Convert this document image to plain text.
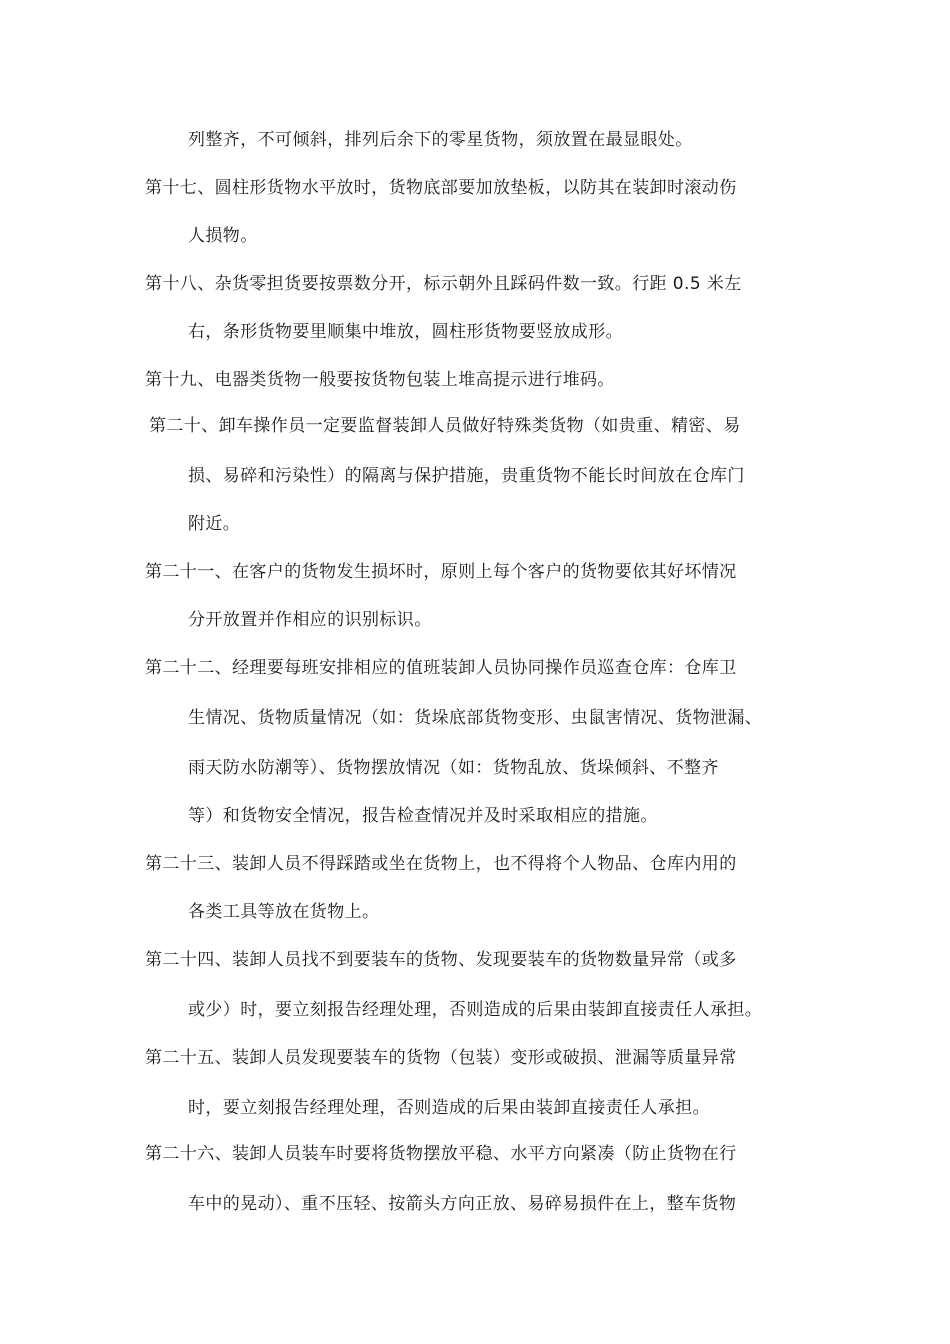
列整齐，不可倾斜，排列后余下的零星货物，须放置在最显眼处。
第十七、圆柱形货物水平放时，货物底部要加放垫板，以防其在装卸时滚动伤
人损物。
第十八、杂货零担货要按票数分开，标示朝外且踩码件数一致。行距 0.5 米左
右，条形货物要里顺集中堆放，圆柱形货物要竖放成形。
第十九、电器类货物一般要按货物包装上堆高提示进行堆码。
第二十、卸车操作员一定要监督装卸人员做好特殊类货物（如贵重、精密、易
损、易碎和污染性）的隔离与保护措施，贵重货物不能长时间放在仓库门
附近。
第二十一、在客户的货物发生损坏时，原则上每个客户的货物要依其好坏情况
分开放置并作相应的识别标识。
第二十二、经理要每班安排相应的值班装卸人员协同操作员巡查仓库：仓库卫
生情况、货物质量情况（如：货垛底部货物变形、虫鼠害情况、货物泄漏、
雨天防水防潮等）、货物摆放情况（如：货物乱放、货垛倾斜、不整齐
等）和货物安全情况，报告检查情况并及时采取相应的措施。
第二十三、装卸人员不得踩踏或坐在货物上，也不得将个人物品、仓库内用的
各类工具等放在货物上。
第二十四、装卸人员找不到要装车的货物、发现要装车的货物数量异常（或多
或少）时，要立刻报告经理处理，否则造成的后果由装卸直接责任人承担。
第二十五、装卸人员发现要装车的货物（包装）变形或破损、泄漏等质量异常
时，要立刻报告经理处理，否则造成的后果由装卸直接责任人承担。
第二十六、装卸人员装车时要将货物摆放平稳、水平方向紧凑（防止货物在行
车中的晃动）、重不压轻、按箭头方向正放、易碎易损件在上，整车货物
